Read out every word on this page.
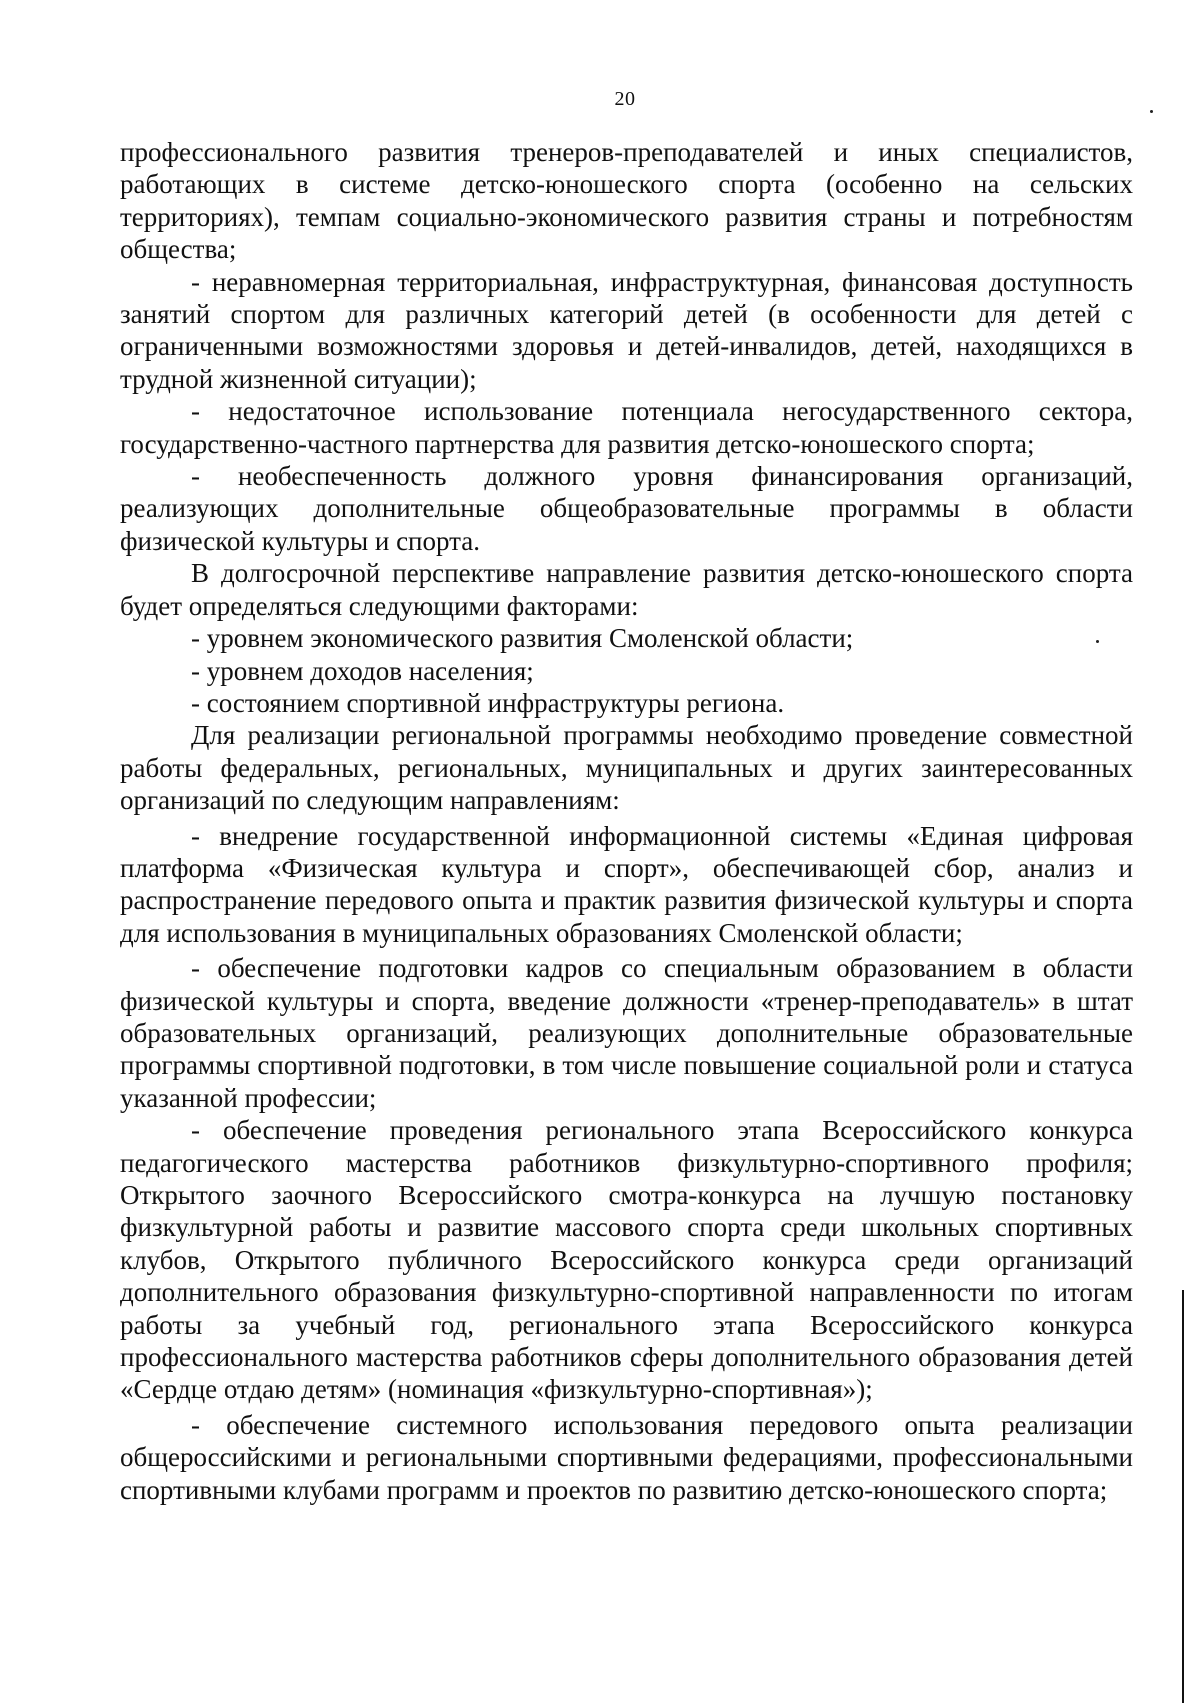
20

профессионального развития тренеров-преподавателей и иных специалистов, работающих в системе детско-юношеского спорта (особенно на сельских территориях), темпам социально-экономического развития страны и потребностям общества;

- неравномерная территориальная, инфраструктурная, финансовая доступность занятий спортом для различных категорий детей (в особенности для детей с ограниченными возможностями здоровья и детей-инвалидов, детей, находящихся в трудной жизненной ситуации);

- недостаточное использование потенциала негосударственного сектора, государственно-частного партнерства для развития детско-юношеского спорта;

- необеспеченность должного уровня финансирования организаций, реализующих дополнительные общеобразовательные программы в области физической культуры и спорта.

В долгосрочной перспективе направление развития детско-юношеского спорта будет определяться следующими факторами:

- уровнем экономического развития Смоленской области;

- уровнем доходов населения;

- состоянием спортивной инфраструктуры региона.

Для реализации региональной программы необходимо проведение совместной работы федеральных, региональных, муниципальных и других заинтересованных организаций по следующим направлениям:

- внедрение государственной информационной системы «Единая цифровая платформа «Физическая культура и спорт», обеспечивающей сбор, анализ и распространение передового опыта и практик развития физической культуры и спорта для использования в муниципальных образованиях Смоленской области;

- обеспечение подготовки кадров со специальным образованием в области физической культуры и спорта, введение должности «тренер-преподаватель» в штат образовательных организаций, реализующих дополнительные образовательные программы спортивной подготовки, в том числе повышение социальной роли и статуса указанной профессии;

- обеспечение проведения регионального этапа Всероссийского конкурса педагогического мастерства работников физкультурно-спортивного профиля; Открытого заочного Всероссийского смотра-конкурса на лучшую постановку физкультурной работы и развитие массового спорта среди школьных спортивных клубов, Открытого публичного Всероссийского конкурса среди организаций дополнительного образования физкультурно-спортивной направленности по итогам работы за учебный год, регионального этапа Всероссийского конкурса профессионального мастерства работников сферы дополнительного образования детей «Сердце отдаю детям» (номинация «физкультурно-спортивная»);

- обеспечение системного использования передового опыта реализации общероссийскими и региональными спортивными федерациями, профессиональными спортивными клубами программ и проектов по развитию детско-юношеского спорта;
